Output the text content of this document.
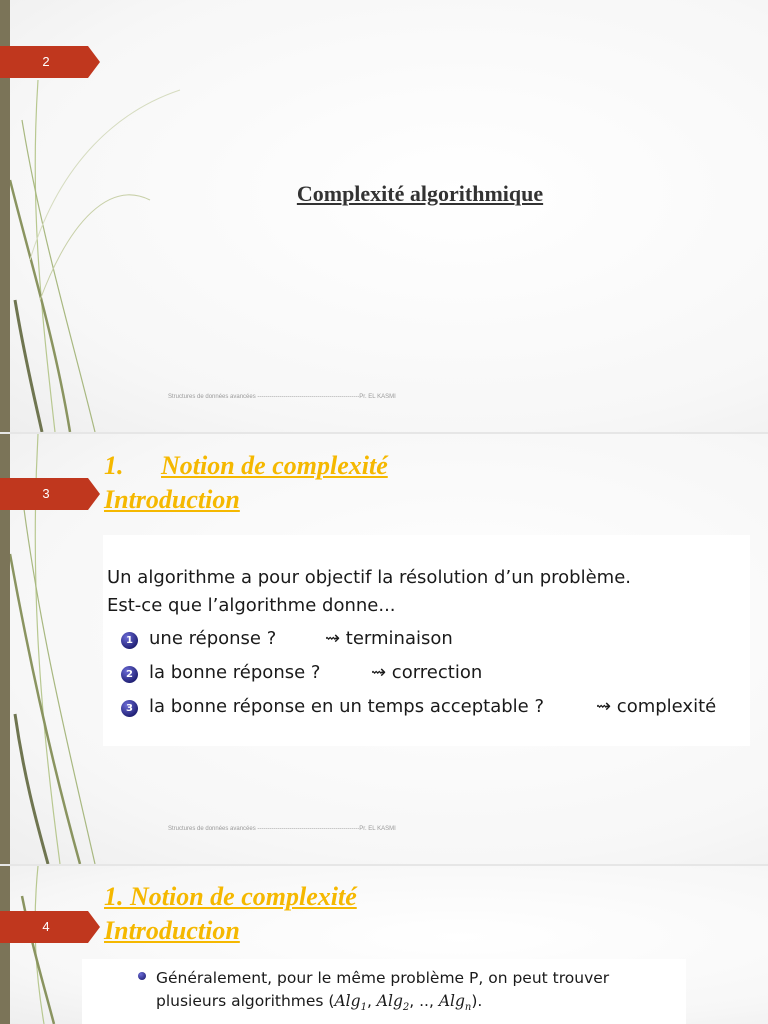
2
Complexité algorithmique
Structures de données avancées ---------------------------------------------------Pr. EL KASMI
3
1. Notion de complexité
Introduction
Un algorithme a pour objectif la résolution d’un problème.
Est-ce que l’algorithme donne...
1 une réponse ?	⇝ terminaison
2 la bonne réponse ?	⇝ correction
3 la bonne réponse en un temps acceptable ?	⇝ complexité
Structures de données avancées ---------------------------------------------------Pr. EL KASMI
4
1. Notion de complexité
Introduction
Généralement, pour le même problème P, on peut trouver
plusieurs algorithmes (Alg$_1$, Alg$_2$, .., Alg$_n$).
